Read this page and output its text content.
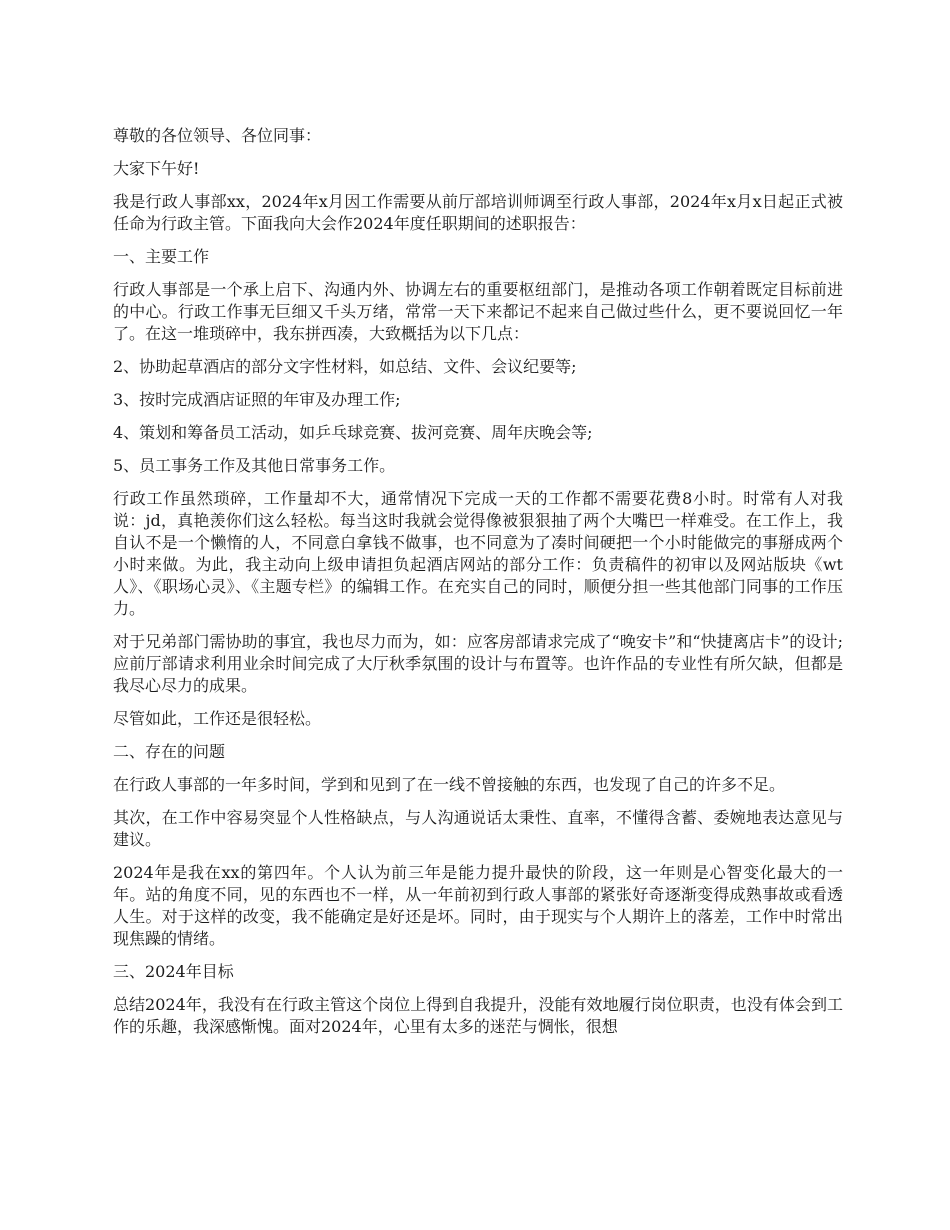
尊敬的各位领导、各位同事：

大家下午好!

我是行政人事部xx，2024年x月因工作需要从前厅部培训师调至行政人事部，2024年x月x日起正式被任命为行政主管。下面我向大会作2024年度任职期间的述职报告：

一、主要工作

行政人事部是一个承上启下、沟通内外、协调左右的重要枢纽部门，是推动各项工作朝着既定目标前进的中心。行政工作事无巨细又千头万绪，常常一天下来都记不起来自己做过些什么，更不要说回忆一年了。在这一堆琐碎中，我东拼西凑，大致概括为以下几点：

2、协助起草酒店的部分文字性材料，如总结、文件、会议纪要等;

3、按时完成酒店证照的年审及办理工作;

4、策划和筹备员工活动，如乒乓球竞赛、拔河竞赛、周年庆晚会等;

5、员工事务工作及其他日常事务工作。

行政工作虽然琐碎，工作量却不大，通常情况下完成一天的工作都不需要花费8小时。时常有人对我说：jd，真艳羡你们这么轻松。每当这时我就会觉得像被狠狠抽了两个大嘴巴一样难受。在工作上，我自认不是一个懒惰的人，不同意白拿钱不做事，也不同意为了凑时间硬把一个小时能做完的事掰成两个小时来做。为此，我主动向上级申请担负起酒店网站的部分工作：负责稿件的初审以及网站版块《wt人》、《职场心灵》、《主题专栏》的编辑工作。在充实自己的同时，顺便分担一些其他部门同事的工作压力。

对于兄弟部门需协助的事宜，我也尽力而为，如：应客房部请求完成了“晚安卡”和“快捷离店卡”的设计;应前厅部请求利用业余时间完成了大厅秋季氛围的设计与布置等。也许作品的专业性有所欠缺，但都是我尽心尽力的成果。

尽管如此，工作还是很轻松。

二、存在的问题

在行政人事部的一年多时间，学到和见到了在一线不曾接触的东西，也发现了自己的许多不足。

其次，在工作中容易突显个人性格缺点，与人沟通说话太秉性、直率，不懂得含蓄、委婉地表达意见与建议。

2024年是我在xx的第四年。个人认为前三年是能力提升最快的阶段，这一年则是心智变化最大的一年。站的角度不同，见的东西也不一样，从一年前初到行政人事部的紧张好奇逐渐变得成熟事故或看透人生。对于这样的改变，我不能确定是好还是坏。同时，由于现实与个人期许上的落差，工作中时常出现焦躁的情绪。

三、2024年目标

总结2024年，我没有在行政主管这个岗位上得到自我提升，没能有效地履行岗位职责，也没有体会到工作的乐趣，我深感惭愧。面对2024年，心里有太多的迷茫与惆怅，很想
